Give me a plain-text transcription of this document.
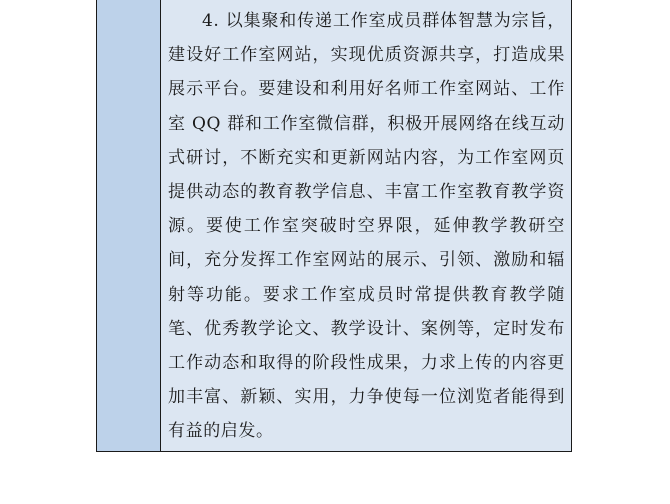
4. 以集聚和传递工作室成员群体智慧为宗旨，建设好工作室网站，实现优质资源共享，打造成果展示平台。要建设和利用好名师工作室网站、工作室 QQ 群和工作室微信群，积极开展网络在线互动式研讨，不断充实和更新网站内容，为工作室网页提供动态的教育教学信息、丰富工作室教育教学资源。要使工作室突破时空界限，延伸教学教研空间，充分发挥工作室网站的展示、引领、激励和辐射等功能。要求工作室成员时常提供教育教学随笔、优秀教学论文、教学设计、案例等，定时发布工作动态和取得的阶段性成果，力求上传的内容更加丰富、新颖、实用，力争使每一位浏览者能得到有益的启发。
